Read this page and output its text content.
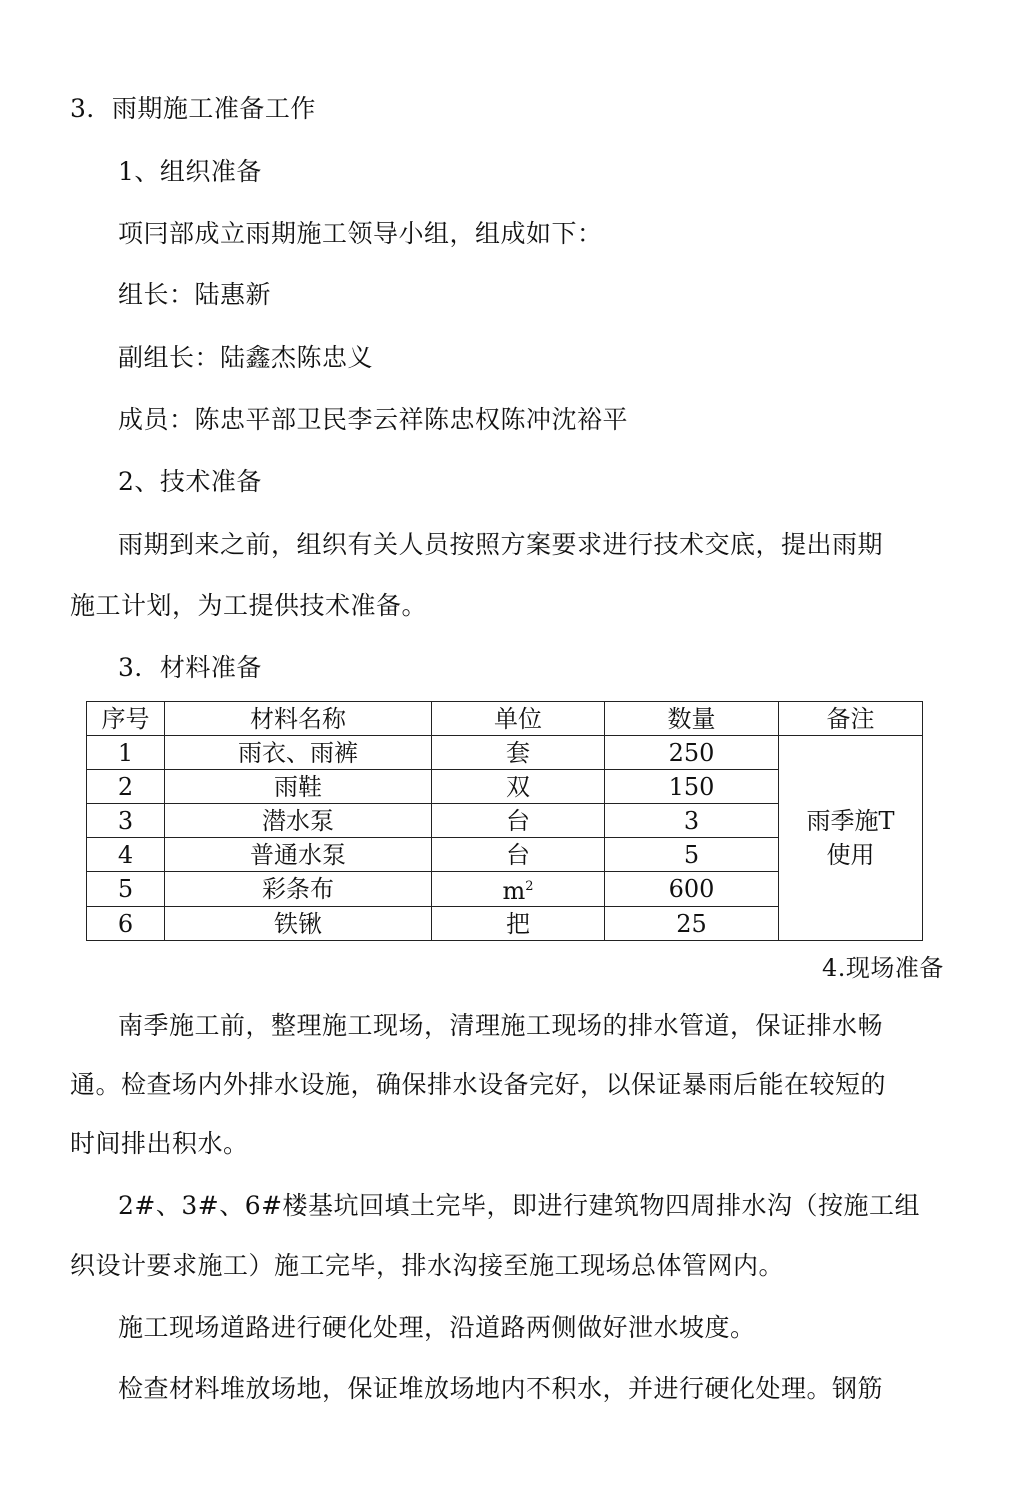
3．雨期施工准备工作
1、组织准备
项冃部成立雨期施工领导小组，组成如下：
组长：陆惠新
副组长：陆鑫杰陈忠义
成员：陈忠平部卫民李云祥陈忠权陈冲沈裕平
2、技术准备
雨期到来之前，组织有关人员按照方案要求进行技术交底，提出雨期
施工计划，为工提供技术准备。
3．材料准备
序号	材料名称	单位	数量	备注
1	雨衣、雨裤	套	250	雨季施T
使用
2	雨鞋	双	150	
3	潜水泵	台	3	
4	普通水泵	台	5	
5	彩条布	$m^2$	600	
6	铁锹	把	25	
4.现场准备
南季施工前，整理施工现场，清理施工现场的排水管道，保证排水畅
通。检查场内外排水设施，确保排水设备完好，以保证暴雨后能在较短的
时间排出积水。
2#、3#、6#楼基坑回填土完毕，即进行建筑物四周排水沟（按施工组
织设计要求施工）施工完毕，排水沟接至施工现场总体管网内。
施工现场道路进行硬化处理，沿道路两侧做好泄水坡度。
检查材料堆放场地，保证堆放场地内不积水，并进行硬化处理。钢筋
